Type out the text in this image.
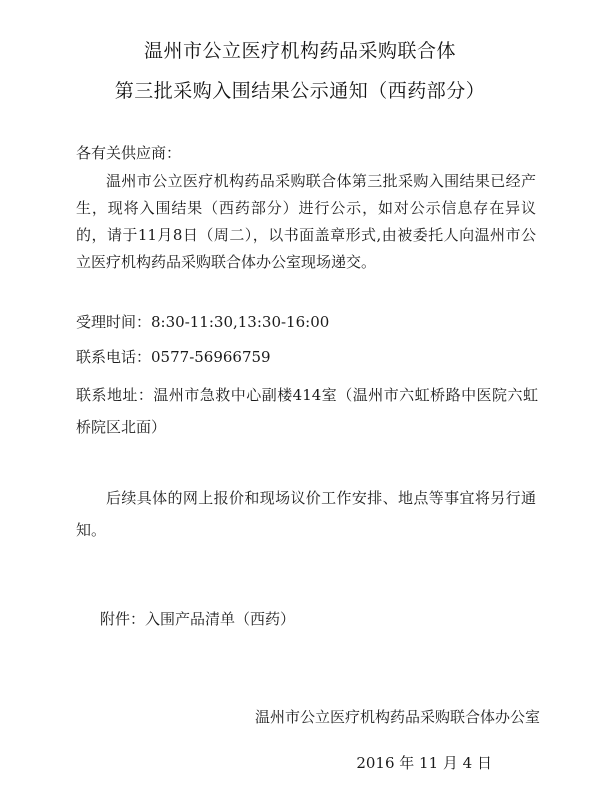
温州市公立医疗机构药品采购联合体
第三批采购入围结果公示通知（西药部分）
各有关供应商：
温州市公立医疗机构药品采购联合体第三批采购入围结果已经产生，现将入围结果（西药部分）进行公示，如对公示信息存在异议的，请于11月8日（周二），以书面盖章形式,由被委托人向温州市公立医疗机构药品采购联合体办公室现场递交。
受理时间：8:30-11:30,13:30-16:00
联系电话：0577-56966759
联系地址：温州市急救中心副楼414室（温州市六虹桥路中医院六虹桥院区北面）
后续具体的网上报价和现场议价工作安排、地点等事宜将另行通知。
附件：入围产品清单（西药）
温州市公立医疗机构药品采购联合体办公室
2016 年 11 月 4 日
